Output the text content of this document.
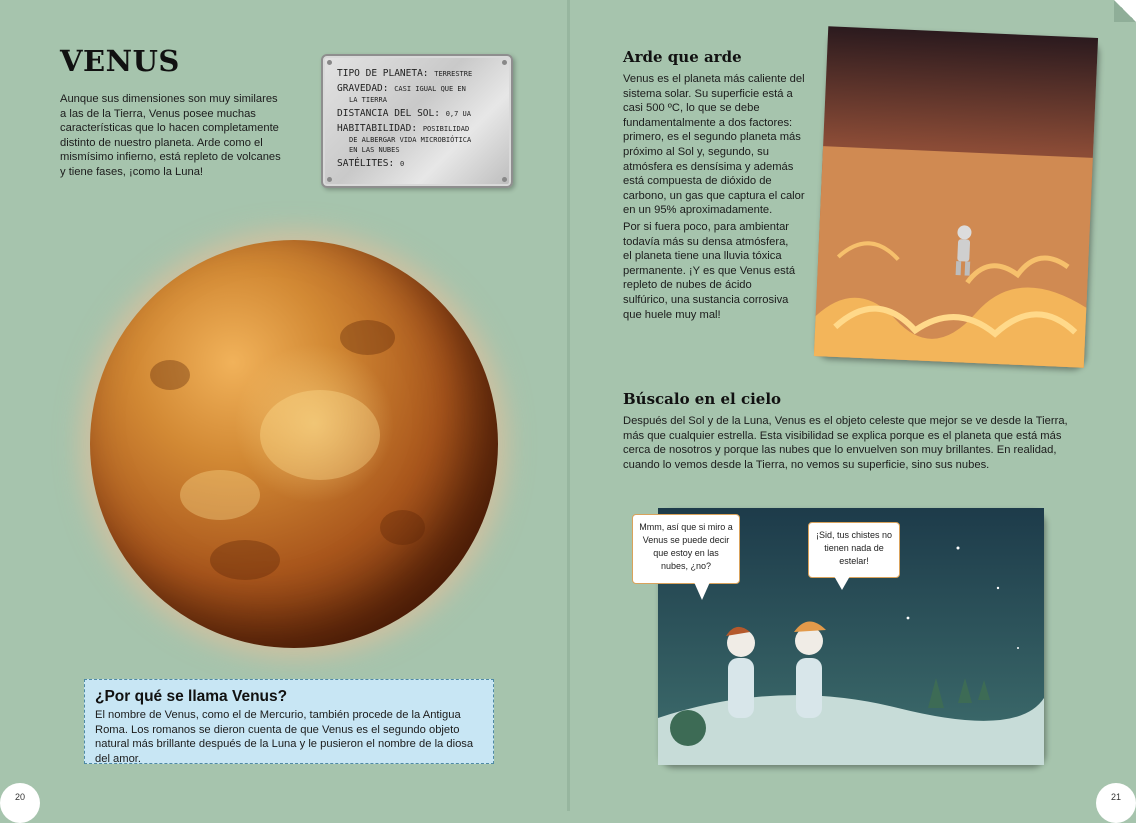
VENUS

Aunque sus dimensiones son muy similares a las de la Tierra, Venus posee muchas características que lo hacen completamente distinto de nuestro planeta. Arde como el mismísimo infierno, está repleto de volcanes y tiene fases, ¡como la Luna!

TIPO DE PLANETA: TERRESTRE

GRAVEDAD: CASI IGUAL QUE EN
LA TIERRA

DISTANCIA DEL SOL: 0,7 UA

HABITABILIDAD: POSIBILIDAD
DE ALBERGAR VIDA MICROBIÓTICA
EN LAS NUBES

SATÉLITES: 0

¿Por qué se llama Venus?

El nombre de Venus, como el de Mercurio, también procede de la Antigua Roma. Los romanos se dieron cuenta de que Venus es el segundo objeto natural más brillante después de la Luna y le pusieron el nombre de la diosa del amor.

Arde que arde

Venus es el planeta más caliente del sistema solar. Su superficie está a casi 500 ºC, lo que se debe fundamentalmente a dos factores: primero, es el segundo planeta más próximo al Sol y, segundo, su atmósfera es densísima y además está compuesta de dióxido de carbono, un gas que captura el calor en un 95% aproximadamente.

Por si fuera poco, para ambientar todavía más su densa atmósfera, el planeta tiene una lluvia tóxica permanente. ¡Y es que Venus está repleto de nubes de ácido sulfúrico, una sustancia corrosiva que huele muy mal!

Búscalo en el cielo

Después del Sol y de la Luna, Venus es el objeto celeste que mejor se ve desde la Tierra, más que cualquier estrella. Esta visibilidad se explica porque es el planeta que está más cerca de nosotros y porque las nubes que lo envuelven son muy brillantes. En realidad, cuando lo vemos desde la Tierra, no vemos su superficie, sino sus nubes.

Mmm, así que si miro a Venus se puede decir que estoy en las nubes, ¿no?
¡Sid, tus chistes no tienen nada de estelar!
20	21
